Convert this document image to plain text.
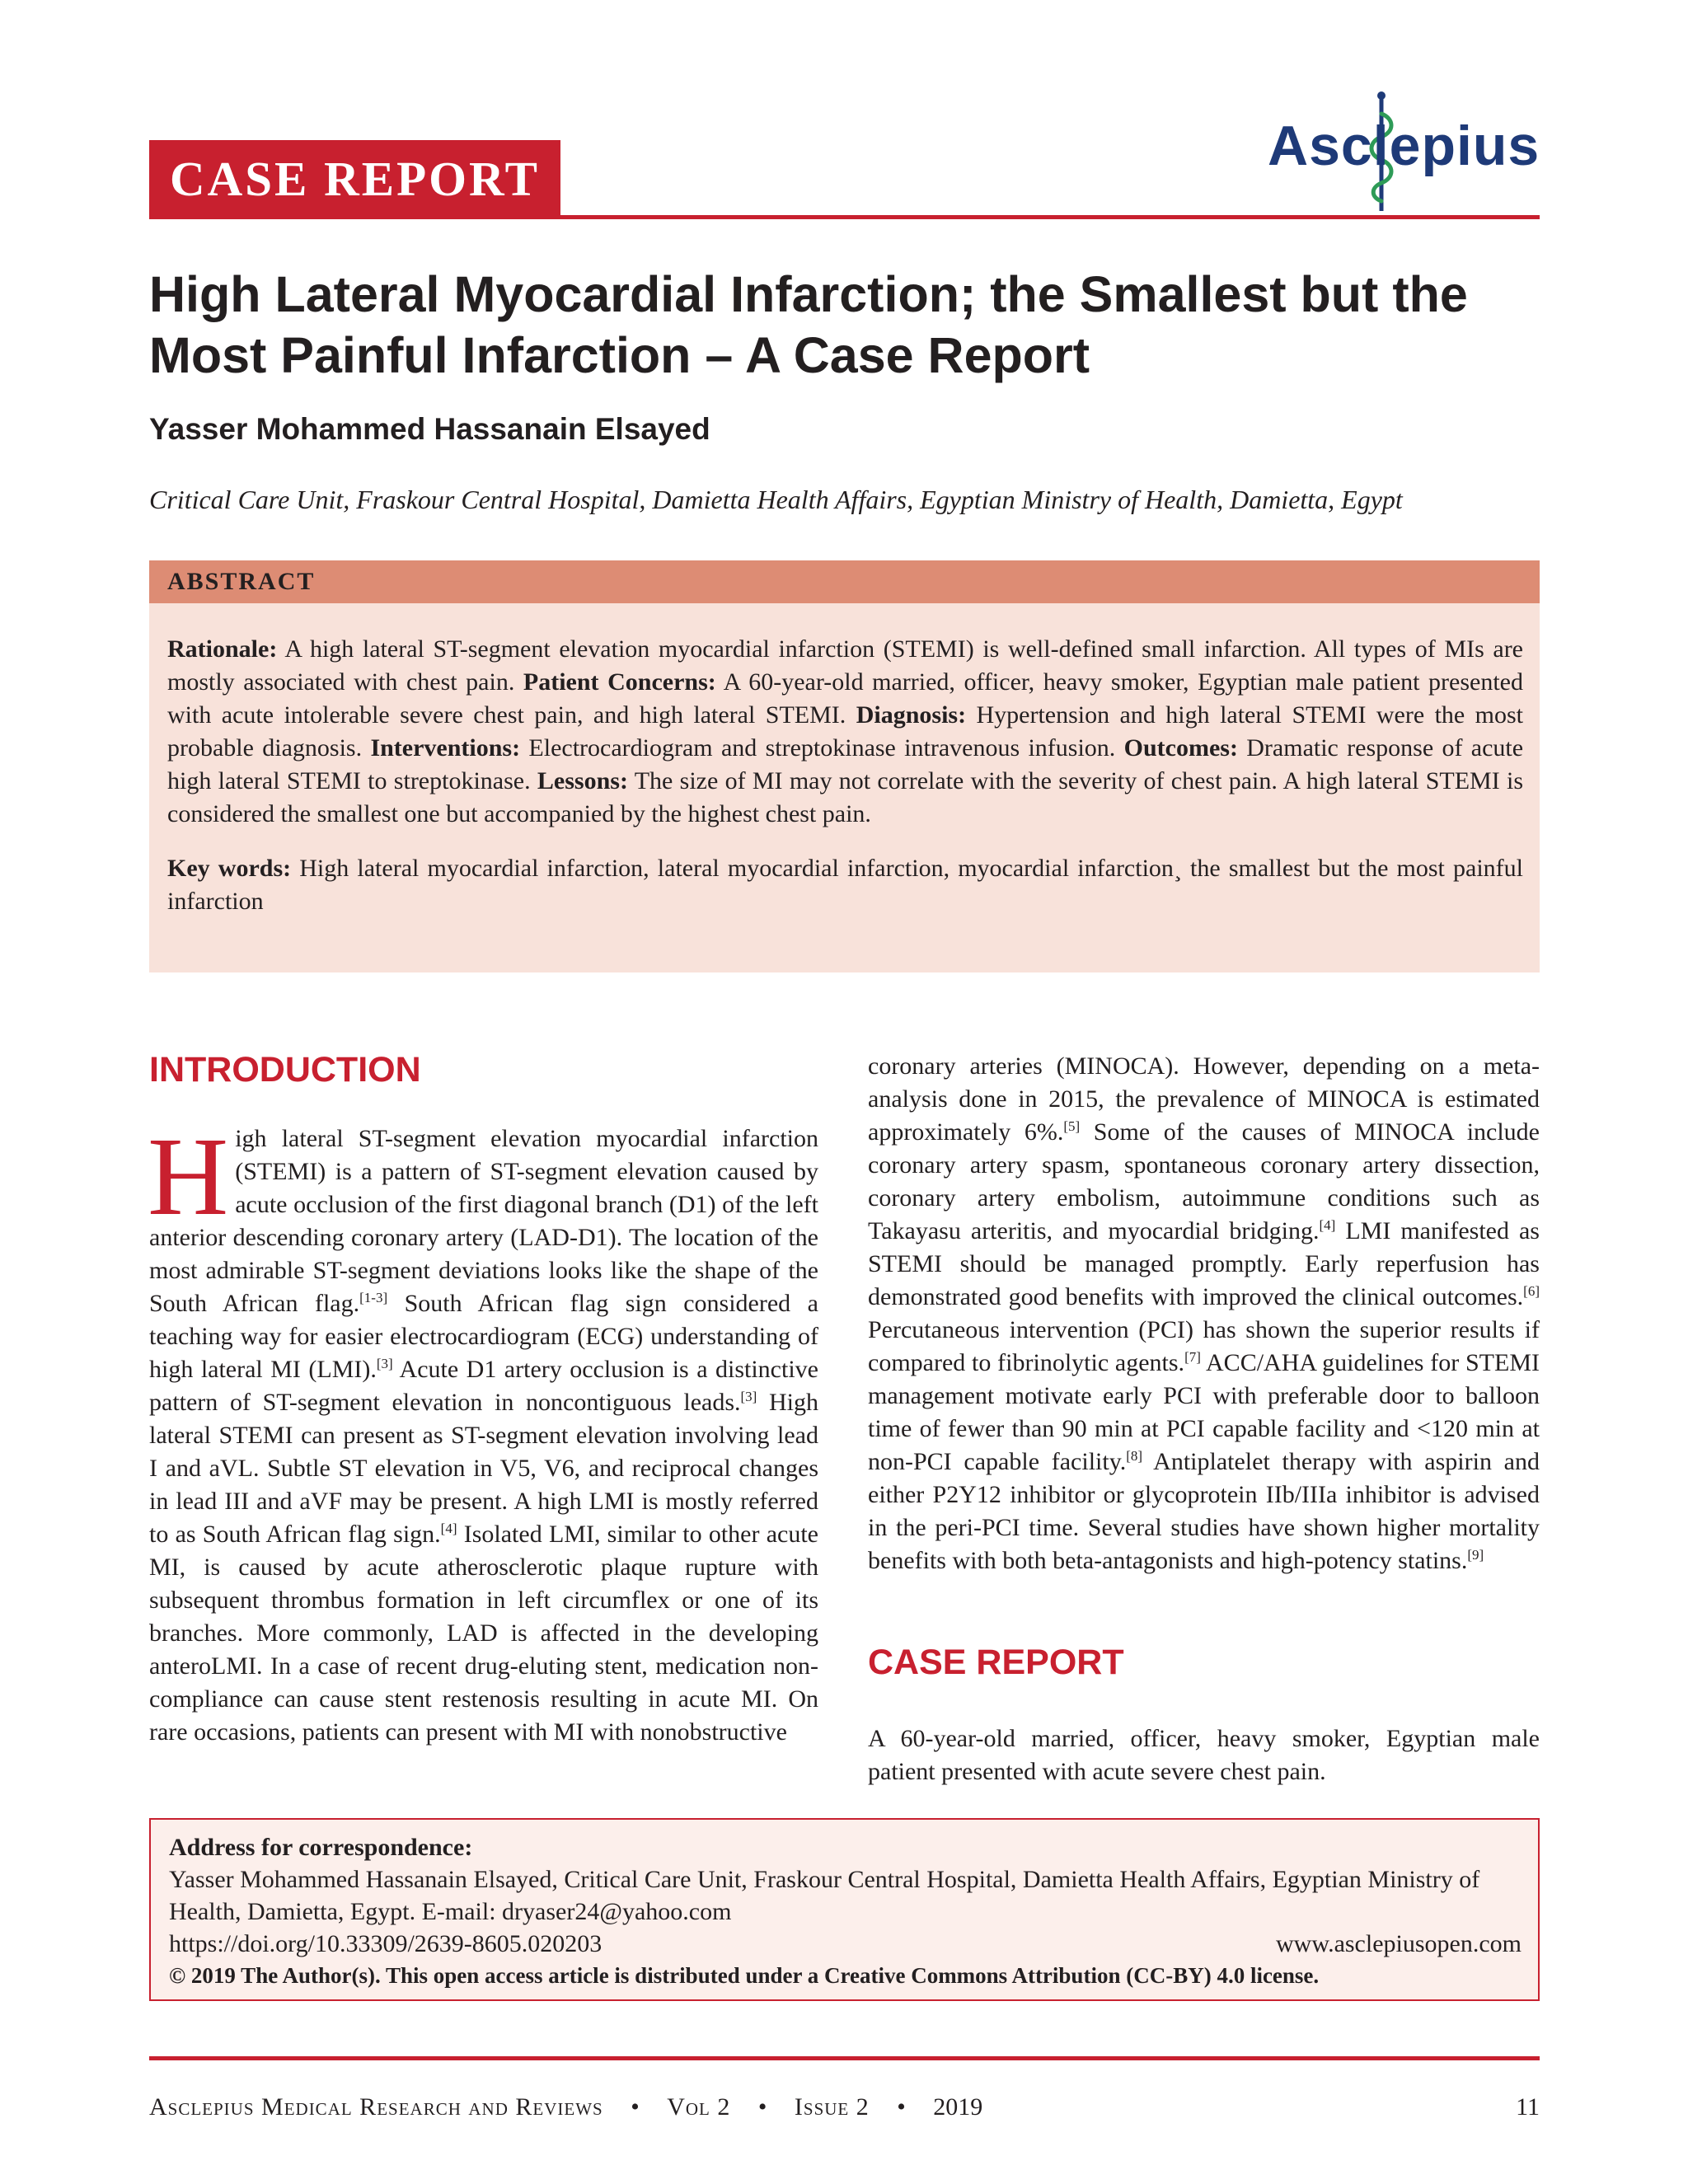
CASE REPORT
Asclepius
High Lateral Myocardial Infarction; the Smallest but the Most Painful Infarction – A Case Report
Yasser Mohammed Hassanain Elsayed
Critical Care Unit, Fraskour Central Hospital, Damietta Health Affairs, Egyptian Ministry of Health, Damietta, Egypt
ABSTRACT

Rationale: A high lateral ST-segment elevation myocardial infarction (STEMI) is well-defined small infarction. All types of MIs are mostly associated with chest pain. Patient Concerns: A 60-year-old married, officer, heavy smoker, Egyptian male patient presented with acute intolerable severe chest pain, and high lateral STEMI. Diagnosis: Hypertension and high lateral STEMI were the most probable diagnosis. Interventions: Electrocardiogram and streptokinase intravenous infusion. Outcomes: Dramatic response of acute high lateral STEMI to streptokinase. Lessons: The size of MI may not correlate with the severity of chest pain. A high lateral STEMI is considered the smallest one but accompanied by the highest chest pain.

Key words: High lateral myocardial infarction, lateral myocardial infarction, myocardial infarction¸ the smallest but the most painful infarction

INTRODUCTION

High lateral ST-segment elevation myocardial infarction (STEMI) is a pattern of ST-segment elevation caused by acute occlusion of the first diagonal branch (D1) of the left anterior descending coronary artery (LAD-D1). The location of the most admirable ST-segment deviations looks like the shape of the South African flag.[1-3] South African flag sign considered a teaching way for easier electrocardiogram (ECG) understanding of high lateral MI (LMI).[3] Acute D1 artery occlusion is a distinctive pattern of ST-segment elevation in noncontiguous leads.[3] High lateral STEMI can present as ST-segment elevation involving lead I and aVL. Subtle ST elevation in V5, V6, and reciprocal changes in lead III and aVF may be present. A high LMI is mostly referred to as South African flag sign.[4] Isolated LMI, similar to other acute MI, is caused by acute atherosclerotic plaque rupture with subsequent thrombus formation in left circumflex or one of its branches. More commonly, LAD is affected in the developing anteroLMI. In a case of recent drug-eluting stent, medication non-compliance can cause stent restenosis resulting in acute MI. On rare occasions, patients can present with MI with nonobstructive

coronary arteries (MINOCA). However, depending on a meta-analysis done in 2015, the prevalence of MINOCA is estimated approximately 6%.[5] Some of the causes of MINOCA include coronary artery spasm, spontaneous coronary artery dissection, coronary artery embolism, autoimmune conditions such as Takayasu arteritis, and myocardial bridging.[4] LMI manifested as STEMI should be managed promptly. Early reperfusion has demonstrated good benefits with improved the clinical outcomes.[6] Percutaneous intervention (PCI) has shown the superior results if compared to fibrinolytic agents.[7] ACC/AHA guidelines for STEMI management motivate early PCI with preferable door to balloon time of fewer than 90 min at PCI capable facility and <120 min at non-PCI capable facility.[8] Antiplatelet therapy with aspirin and either P2Y12 inhibitor or glycoprotein IIb/IIIa inhibitor is advised in the peri-PCI time. Several studies have shown higher mortality benefits with both beta-antagonists and high-potency statins.[9]

CASE REPORT

A 60-year-old married, officer, heavy smoker, Egyptian male patient presented with acute severe chest pain.

Address for correspondence:
Yasser Mohammed Hassanain Elsayed, Critical Care Unit, Fraskour Central Hospital, Damietta Health Affairs, Egyptian Ministry of Health, Damietta, Egypt. E-mail: dryaser24@yahoo.com
https://doi.org/10.33309/2639-8605.020203	www.asclepiusopen.com
© 2019 The Author(s). This open access article is distributed under a Creative Commons Attribution (CC-BY) 4.0 license.
Asclepius Medical Research and Reviews • Vol 2 • Issue 2 • 2019	11
